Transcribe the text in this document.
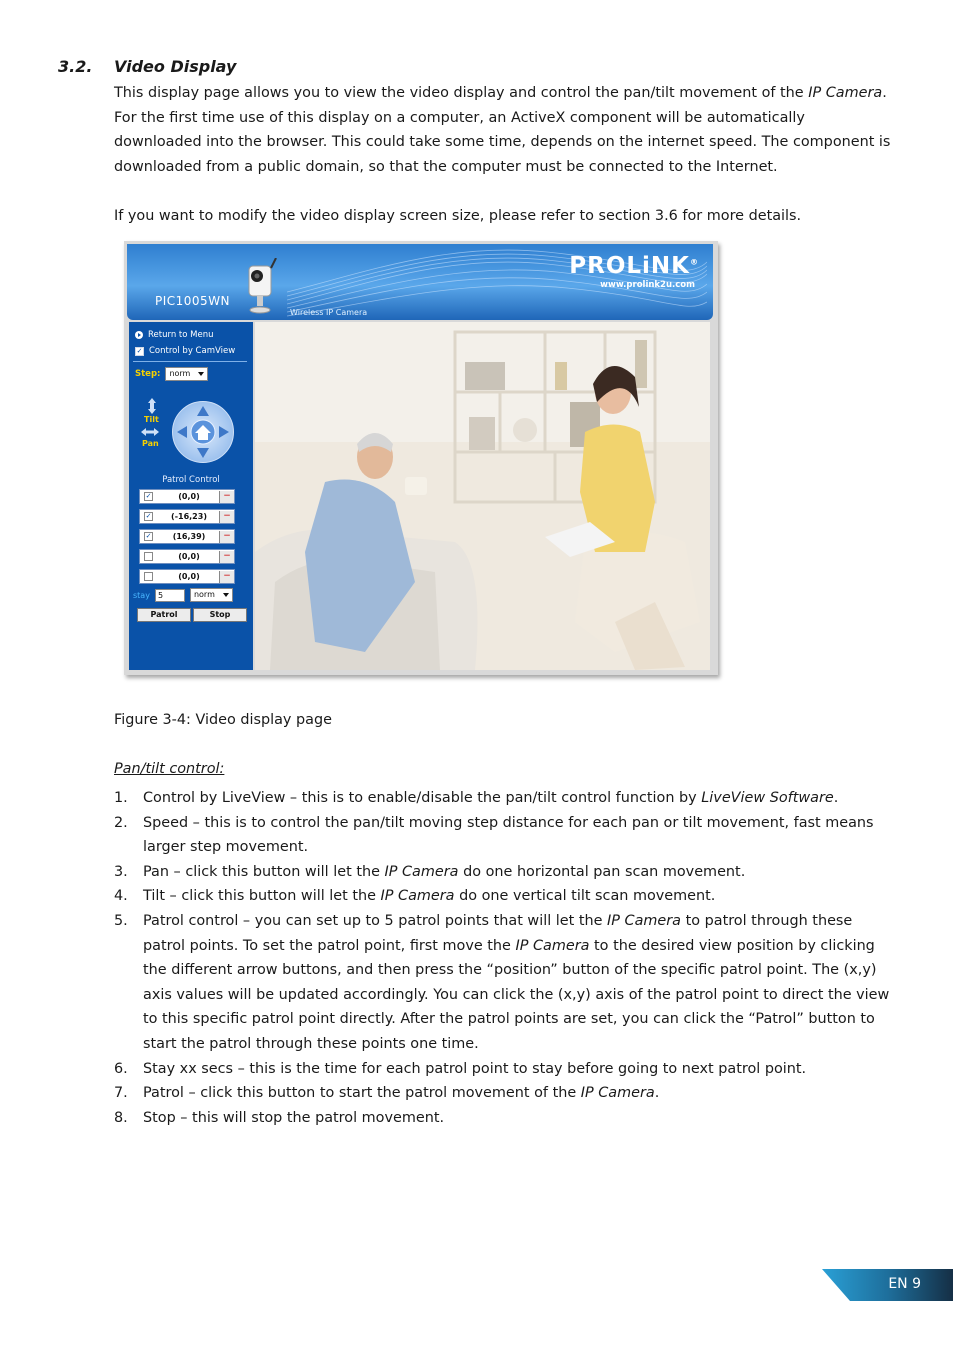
3.2. Video Display
This display page allows you to view the video display and control the pan/tilt movement of the IP Camera. For the first time use of this display on a computer, an ActiveX component will be automatically downloaded into the browser. This could take some time, depends on the internet speed. The component is downloaded from a public domain, so that the computer must be connected to the Internet.
If you want to modify the video display screen size, please refer to section 3.6 for more details.
PROLiNK®
www.prolink2u.com
PIC1005WN
Wireless IP Camera
Return to Menu
✓ Control by CamView
Step: norm
Tilt
Pan
Patrol Control
✓	(0,0)	−
✓	(-16,23)	−
✓	(16,39)	−
(0,0)	−
(0,0)	−
stay	5	norm
Patrol	Stop
Figure 3-4: Video display page
Pan/tilt control:
1.	Control by LiveView – this is to enable/disable the pan/tilt control function by LiveView Software.
2.	Speed – this is to control the pan/tilt moving step distance for each pan or tilt movement, fast means larger step movement.
3.	Pan – click this button will let the IP Camera do one horizontal pan scan movement.
4.	Tilt – click this button will let the IP Camera do one vertical tilt scan movement.
5.	Patrol control – you can set up to 5 patrol points that will let the IP Camera to patrol through these patrol points. To set the patrol point, first move the IP Camera to the desired view position by clicking the different arrow buttons, and then press the “position” button of the specific patrol point. The (x,y) axis values will be updated accordingly. You can click the (x,y) axis of the patrol point to direct the view to this specific patrol point directly. After the patrol points are set, you can click the “Patrol” button to start the patrol through these points one time.
6.	Stay xx secs – this is the time for each patrol point to stay before going to next patrol point.
7.	Patrol – click this button to start the patrol movement of the IP Camera.
8.	Stop – this will stop the patrol movement.
EN 9
